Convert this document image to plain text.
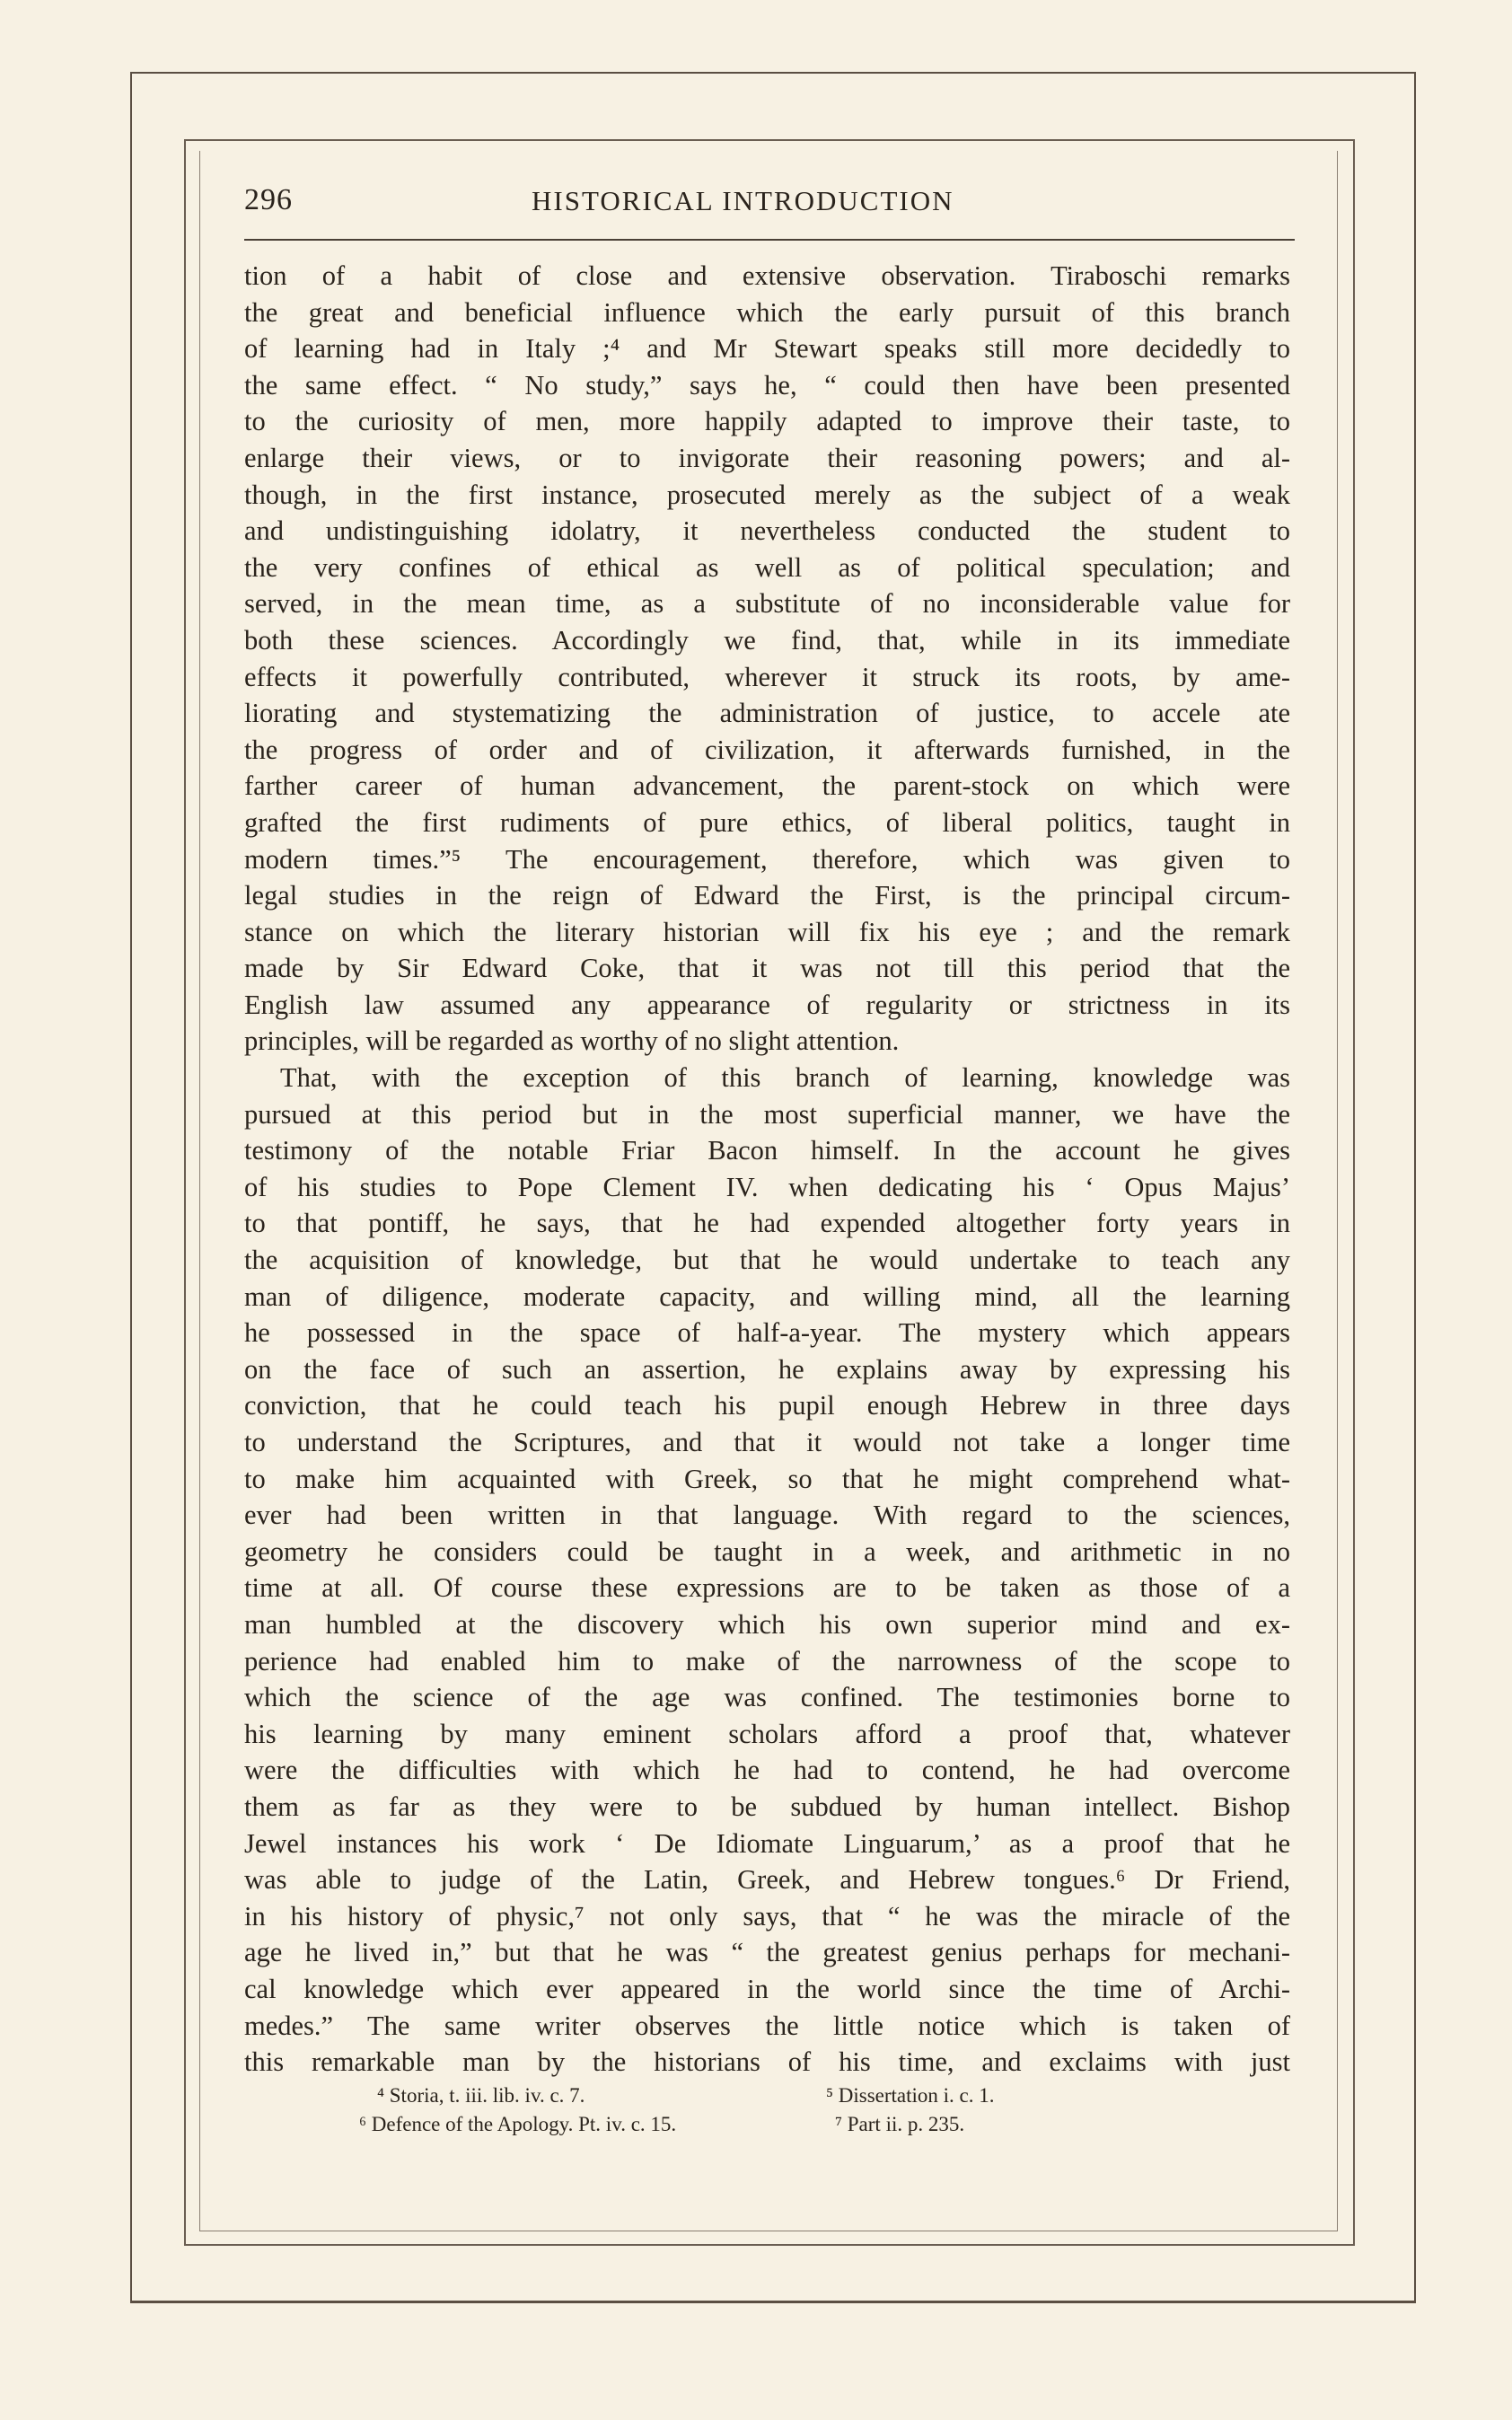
296	HISTORICAL INTRODUCTION
tion of a habit of close and extensive observation. Tiraboschi remarks
the great and beneficial influence which the early pursuit of this branch
of learning had in Italy ;⁴ and Mr Stewart speaks still more decidedly to
the same effect. “ No study,” says he, “ could then have been presented
to the curiosity of men, more happily adapted to improve their taste, to
enlarge their views, or to invigorate their reasoning powers; and al-
though, in the first instance, prosecuted merely as the subject of a weak
and undistinguishing idolatry, it nevertheless conducted the student to
the very confines of ethical as well as of political speculation; and
served, in the mean time, as a substitute of no inconsiderable value for
both these sciences. Accordingly we find, that, while in its immediate
effects it powerfully contributed, wherever it struck its roots, by ame-
liorating and stystematizing the administration of justice, to accele ate
the progress of order and of civilization, it afterwards furnished, in the
farther career of human advancement, the parent-stock on which were
grafted the first rudiments of pure ethics, of liberal politics, taught in
modern times.”⁵ The encouragement, therefore, which was given to
legal studies in the reign of Edward the First, is the principal circum-
stance on which the literary historian will fix his eye ; and the remark
made by Sir Edward Coke, that it was not till this period that the
English law assumed any appearance of regularity or strictness in its
principles, will be regarded as worthy of no slight attention.
That, with the exception of this branch of learning, knowledge was
pursued at this period but in the most superficial manner, we have the
testimony of the notable Friar Bacon himself. In the account he gives
of his studies to Pope Clement IV. when dedicating his ‘ Opus Majus’
to that pontiff, he says, that he had expended altogether forty years in
the acquisition of knowledge, but that he would undertake to teach any
man of diligence, moderate capacity, and willing mind, all the learning
he possessed in the space of half-a-year. The mystery which appears
on the face of such an assertion, he explains away by expressing his
conviction, that he could teach his pupil enough Hebrew in three days
to understand the Scriptures, and that it would not take a longer time
to make him acquainted with Greek, so that he might comprehend what-
ever had been written in that language. With regard to the sciences,
geometry he considers could be taught in a week, and arithmetic in no
time at all. Of course these expressions are to be taken as those of a
man humbled at the discovery which his own superior mind and ex-
perience had enabled him to make of the narrowness of the scope to
which the science of the age was confined. The testimonies borne to
his learning by many eminent scholars afford a proof that, whatever
were the difficulties with which he had to contend, he had overcome
them as far as they were to be subdued by human intellect. Bishop
Jewel instances his work ‘ De Idiomate Linguarum,’ as a proof that he
was able to judge of the Latin, Greek, and Hebrew tongues.⁶ Dr Friend,
in his history of physic,⁷ not only says, that “ he was the miracle of the
age he lived in,” but that he was “ the greatest genius perhaps for mechani-
cal knowledge which ever appeared in the world since the time of Archi-
medes.” The same writer observes the little notice which is taken of
this remarkable man by the historians of his time, and exclaims with just
⁴ Storia, t. iii. lib. iv. c. 7.	⁵ Dissertation i. c. 1.
⁶ Defence of the Apology. Pt. iv. c. 15.	⁷ Part ii. p. 235.
